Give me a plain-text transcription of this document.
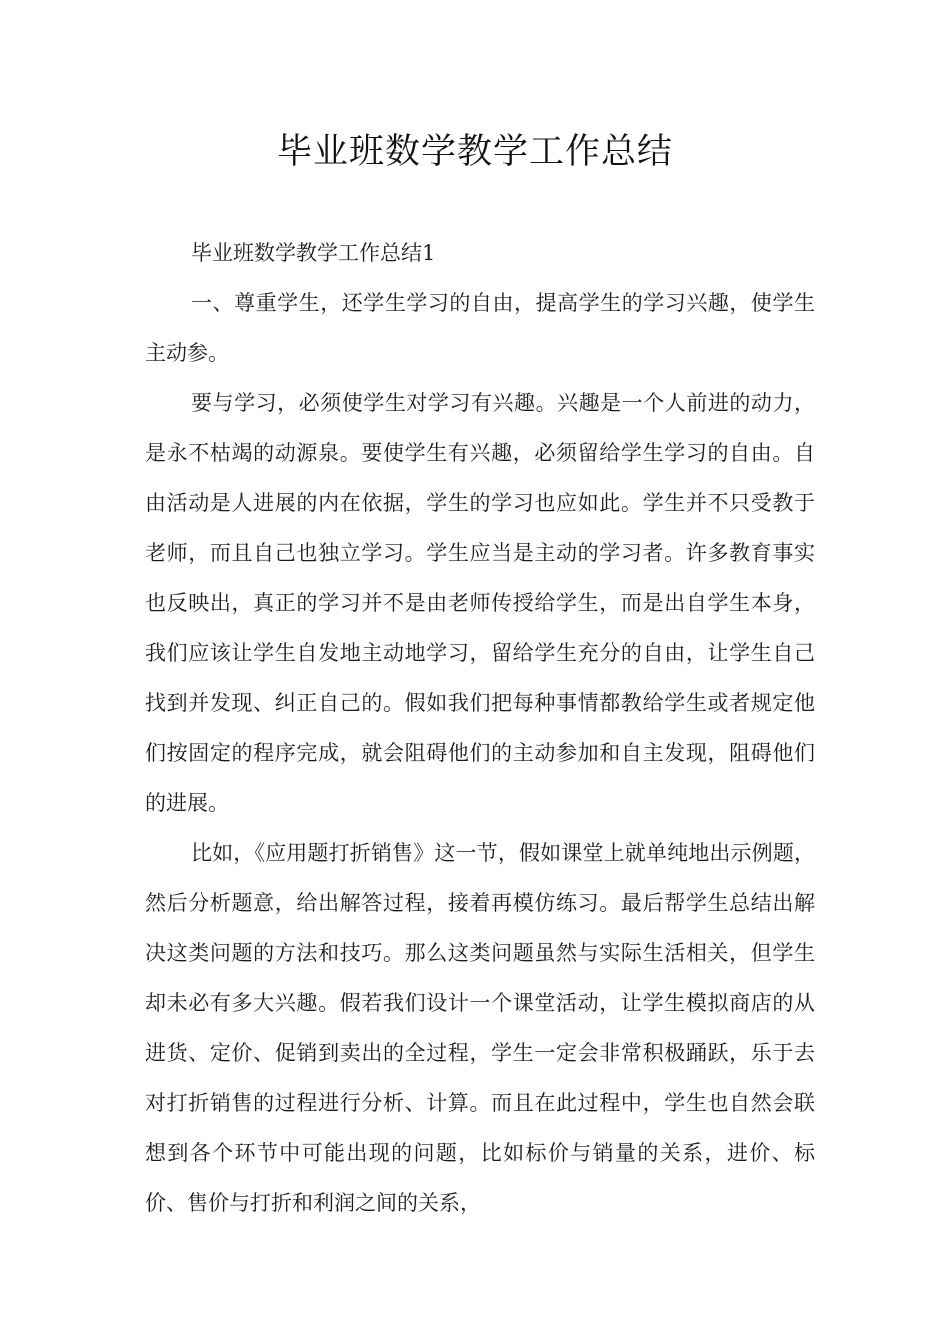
毕业班数学教学工作总结

毕业班数学教学工作总结1

一、尊重学生，还学生学习的自由，提高学生的学习兴趣，使学生主动参。

要与学习，必须使学生对学习有兴趣。兴趣是一个人前进的动力，是永不枯竭的动源泉。要使学生有兴趣，必须留给学生学习的自由。自由活动是人进展的内在依据，学生的学习也应如此。学生并不只受教于老师，而且自己也独立学习。学生应当是主动的学习者。许多教育事实也反映出，真正的学习并不是由老师传授给学生，而是出自学生本身，我们应该让学生自发地主动地学习，留给学生充分的自由，让学生自己找到并发现、纠正自己的。假如我们把每种事情都教给学生或者规定他们按固定的程序完成，就会阻碍他们的主动参加和自主发现，阻碍他们的进展。

比如，《应用题打折销售》这一节，假如课堂上就单纯地出示例题，然后分析题意，给出解答过程，接着再模仿练习。最后帮学生总结出解决这类问题的方法和技巧。那么这类问题虽然与实际生活相关，但学生却未必有多大兴趣。假若我们设计一个课堂活动，让学生模拟商店的从进货、定价、促销到卖出的全过程，学生一定会非常积极踊跃，乐于去对打折销售的过程进行分析、计算。而且在此过程中，学生也自然会联想到各个环节中可能出现的问题，比如标价与销量的关系，进价、标价、售价与打折和利润之间的关系，
